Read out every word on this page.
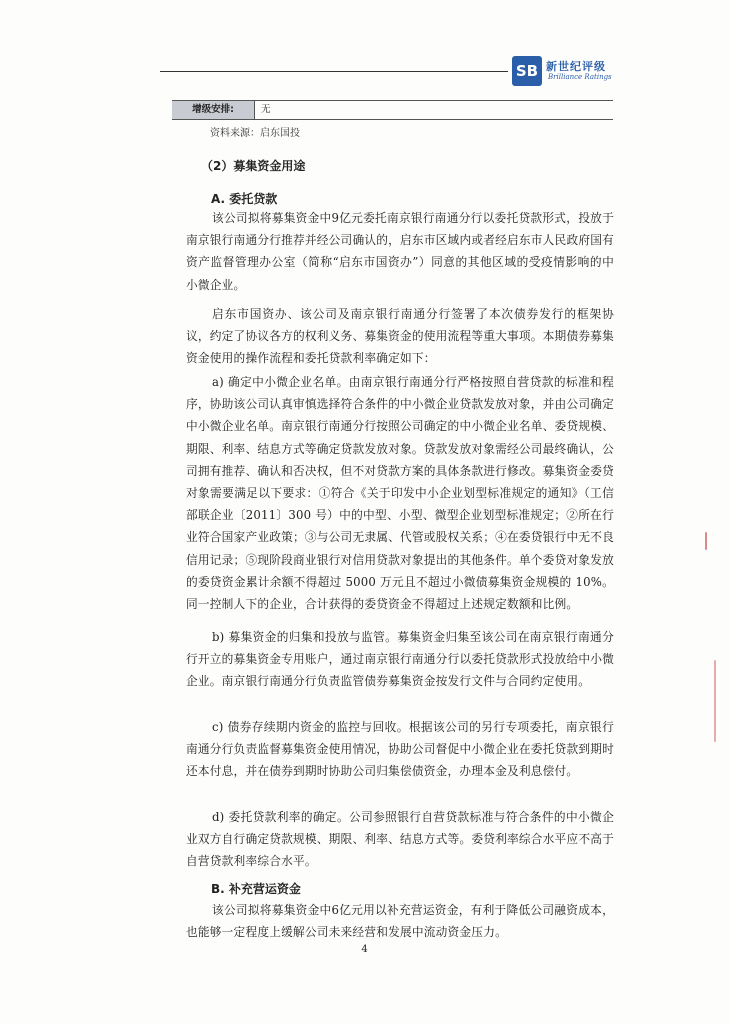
SB 新世纪评级
Brilliance Ratings
增级安排:	无
资料来源：启东国投
（2）募集资金用途
A. 委托贷款

该公司拟将募集资金中9亿元委托南京银行南通分行以委托贷款形式，投放于南京银行南通分行推荐并经公司确认的，启东市区域内或者经启东市人民政府国有资产监督管理办公室（简称“启东市国资办”）同意的其他区域的受疫情影响的中小微企业。

启东市国资办、该公司及南京银行南通分行签署了本次债券发行的框架协议，约定了协议各方的权利义务、募集资金的使用流程等重大事项。本期债券募集资金使用的操作流程和委托贷款利率确定如下：

a) 确定中小微企业名单。由南京银行南通分行严格按照自营贷款的标准和程序，协助该公司认真审慎选择符合条件的中小微企业贷款发放对象，并由公司确定中小微企业名单。南京银行南通分行按照公司确定的中小微企业名单、委贷规模、期限、利率、结息方式等确定贷款发放对象。贷款发放对象需经公司最终确认，公司拥有推荐、确认和否决权，但不对贷款方案的具体条款进行修改。募集资金委贷对象需要满足以下要求：①符合《关于印发中小企业划型标准规定的通知》（工信部联企业〔2011〕300 号）中的中型、小型、微型企业划型标准规定；②所在行业符合国家产业政策；③与公司无隶属、代管或股权关系；④在委贷银行中无不良信用记录；⑤现阶段商业银行对信用贷款对象提出的其他条件。单个委贷对象发放的委贷资金累计余额不得超过 5000 万元且不超过小微债募集资金规模的 10%。同一控制人下的企业，合计获得的委贷资金不得超过上述规定数额和比例。

b) 募集资金的归集和投放与监管。募集资金归集至该公司在南京银行南通分行开立的募集资金专用账户，通过南京银行南通分行以委托贷款形式投放给中小微企业。南京银行南通分行负责监管债券募集资金按发行文件与合同约定使用。

c) 债券存续期内资金的监控与回收。根据该公司的另行专项委托，南京银行南通分行负责监督募集资金使用情况，协助公司督促中小微企业在委托贷款到期时还本付息，并在债券到期时协助公司归集偿债资金，办理本金及利息偿付。

d) 委托贷款利率的确定。公司参照银行自营贷款标准与符合条件的中小微企业双方自行确定贷款规模、期限、利率、结息方式等。委贷利率综合水平应不高于自营贷款利率综合水平。

B. 补充营运资金

该公司拟将募集资金中6亿元用以补充营运资金，有利于降低公司融资成本，也能够一定程度上缓解公司未来经营和发展中流动资金压力。

4
